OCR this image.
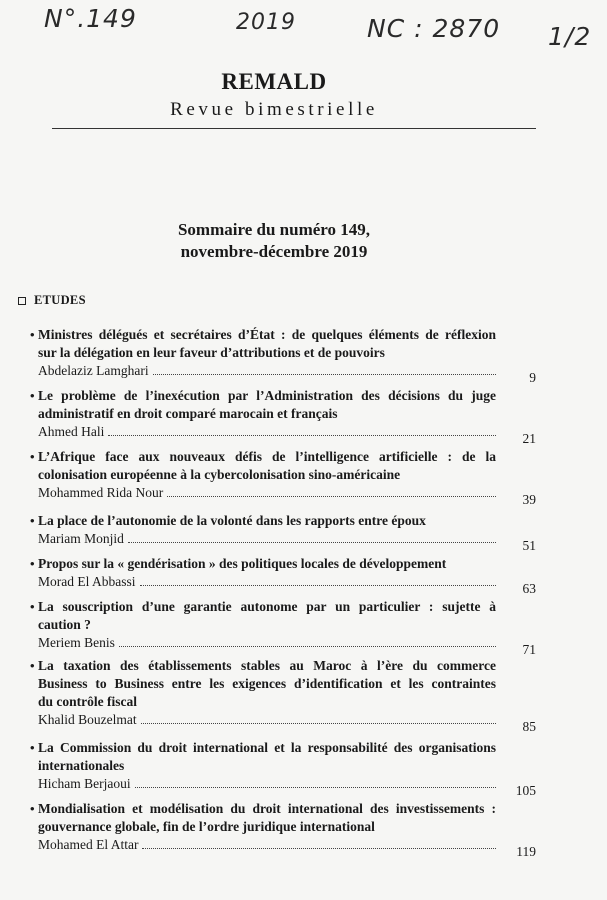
N°.149	2019	NC : 2870 1/2
REMALD
Revue bimestrielle
Sommaire du numéro 149,
novembre-décembre 2019
ETUDES
• Ministres délégués et secrétaires d’État : de quelques éléments de réflexion
sur la délégation en leur faveur d’attributions et de pouvoirs
Abdelaziz Lamghari	9
• Le problème de l’inexécution par l’Administration des décisions du juge
administratif en droit comparé marocain et français
Ahmed Hali	21
• L’Afrique face aux nouveaux défis de l’intelligence artificielle : de la
colonisation européenne à la cybercolonisation sino-américaine
Mohammed Rida Nour	39
• La place de l’autonomie de la volonté dans les rapports entre époux
Mariam Monjid	51
• Propos sur la « gendérisation » des politiques locales de développement
Morad El Abbassi	63
• La souscription d’une garantie autonome par un particulier : sujette à
caution ?
Meriem Benis	71
• La taxation des établissements stables au Maroc à l’ère du commerce
Business to Business entre les exigences d’identification et les contraintes
du contrôle fiscal
Khalid Bouzelmat	85
• La Commission du droit international et la responsabilité des organisations
internationales
Hicham Berjaoui	105
• Mondialisation et modélisation du droit international des investissements :
gouvernance globale, fin de l’ordre juridique international
Mohamed El Attar	119
